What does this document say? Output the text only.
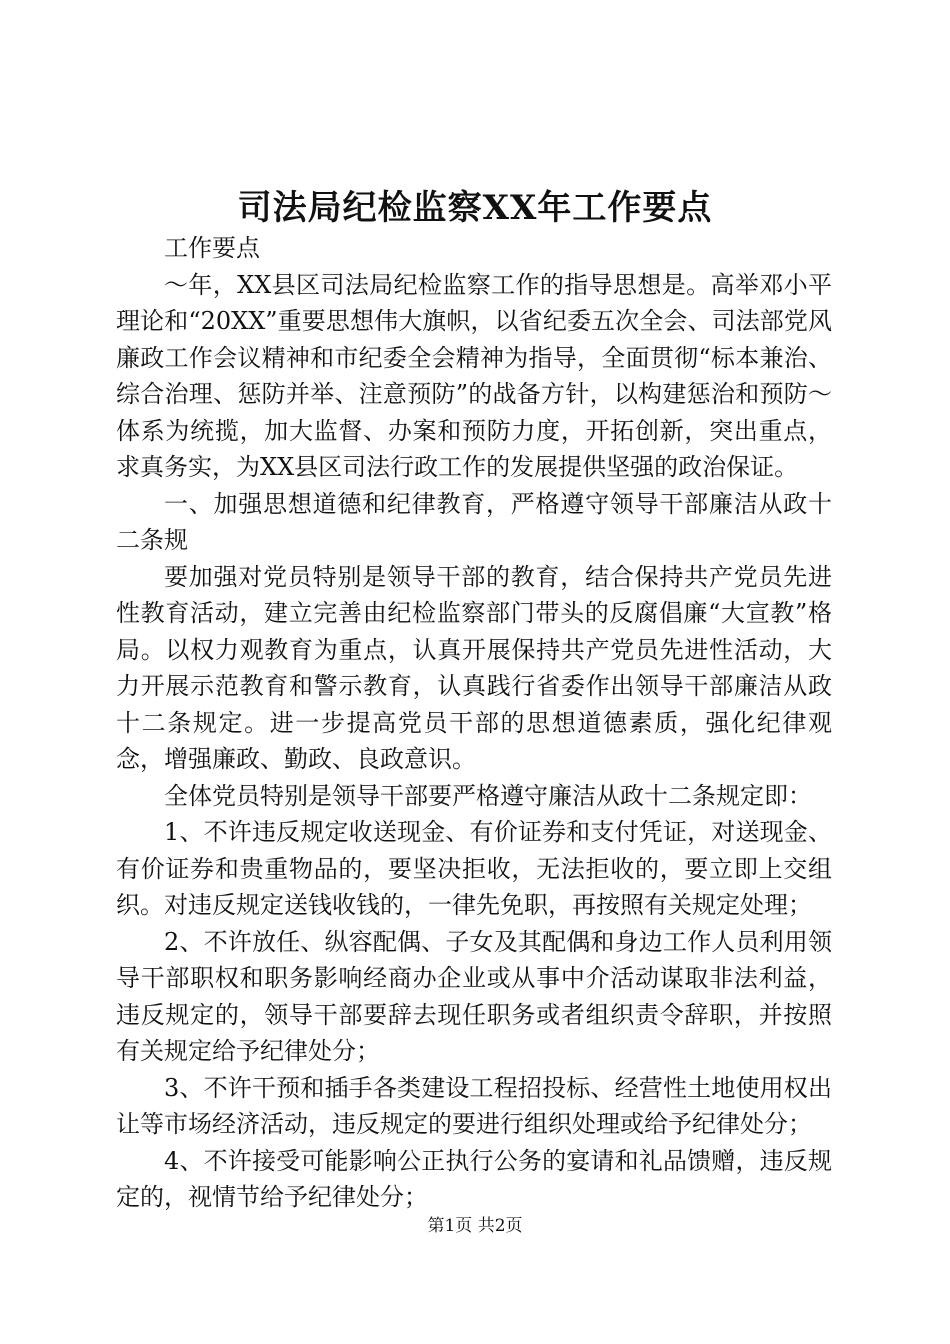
司法局纪检监察XX年工作要点

工作要点

～年，XX县区司法局纪检监察工作的指导思想是。高举邓小平理论和“20XX”重要思想伟大旗帜，以省纪委五次全会、司法部党风廉政工作会议精神和市纪委全会精神为指导，全面贯彻“标本兼治、综合治理、惩防并举、注意预防”的战备方针，以构建惩治和预防～体系为统揽，加大监督、办案和预防力度，开拓创新，突出重点，求真务实，为XX县区司法行政工作的发展提供坚强的政治保证。

一、加强思想道德和纪律教育，严格遵守领导干部廉洁从政十二条规

要加强对党员特别是领导干部的教育，结合保持共产党员先进性教育活动，建立完善由纪检监察部门带头的反腐倡廉“大宣教”格局。以权力观教育为重点，认真开展保持共产党员先进性活动，大力开展示范教育和警示教育，认真践行省委作出领导干部廉洁从政十二条规定。进一步提高党员干部的思想道德素质，强化纪律观念，增强廉政、勤政、良政意识。

全体党员特别是领导干部要严格遵守廉洁从政十二条规定即：

1、不许违反规定收送现金、有价证券和支付凭证，对送现金、有价证券和贵重物品的，要坚决拒收，无法拒收的，要立即上交组织。对违反规定送钱收钱的，一律先免职，再按照有关规定处理；

2、不许放任、纵容配偶、子女及其配偶和身边工作人员利用领导干部职权和职务影响经商办企业或从事中介活动谋取非法利益，违反规定的，领导干部要辞去现任职务或者组织责令辞职，并按照有关规定给予纪律处分；

3、不许干预和插手各类建设工程招投标、经营性土地使用权出让等市场经济活动，违反规定的要进行组织处理或给予纪律处分；

4、不许接受可能影响公正执行公务的宴请和礼品馈赠，违反规定的，视情节给予纪律处分；

第1页 共2页
